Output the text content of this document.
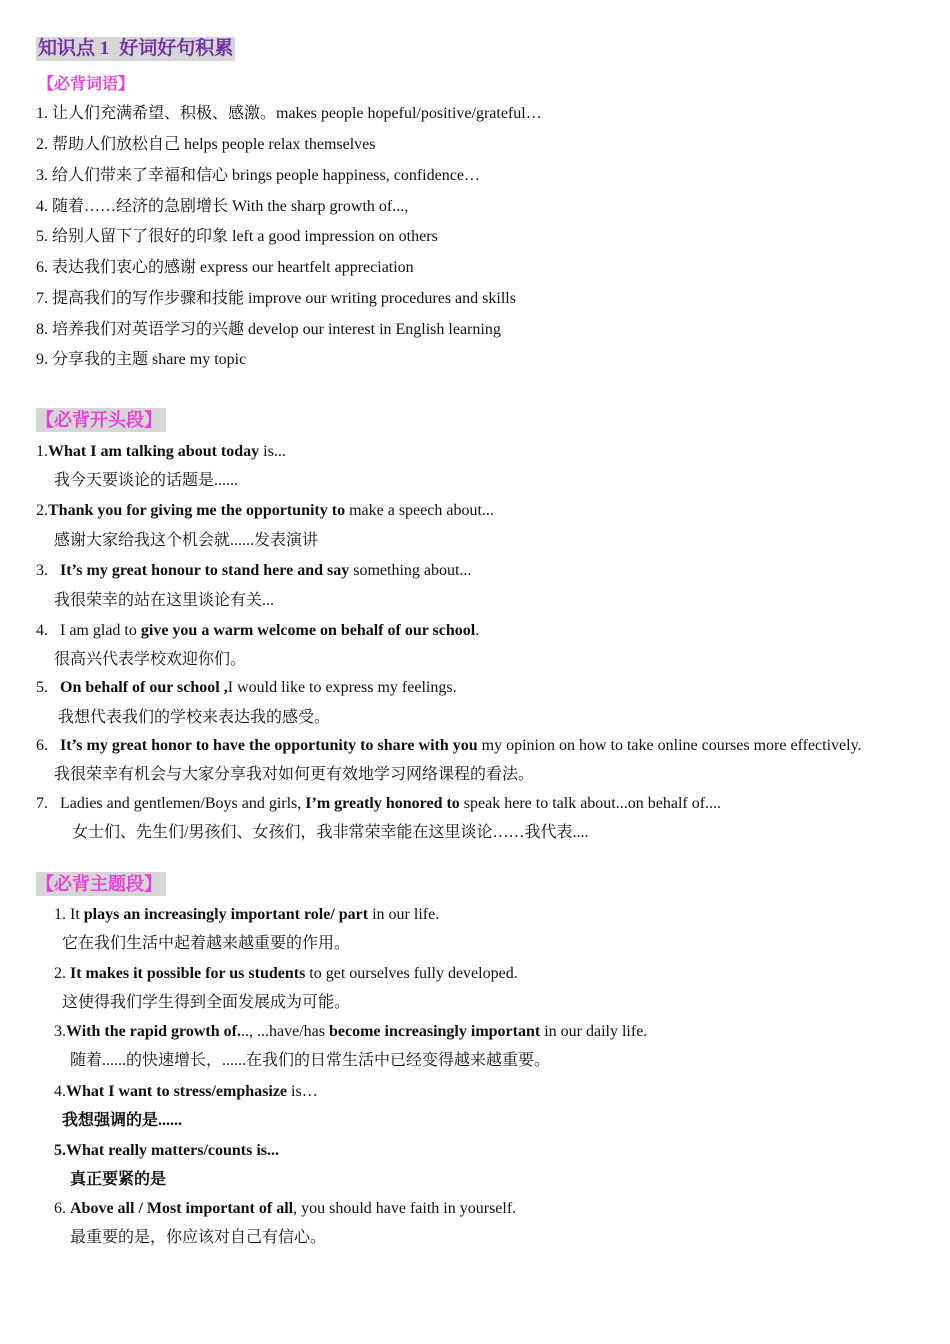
知识点 1 好词好句积累
【必背词语】
1. 让人们充满希望、积极、感激。makes people hopeful/positive/grateful…
2. 帮助人们放松自己 helps people relax themselves
3. 给人们带来了幸福和信心 brings people happiness, confidence…
4. 随着……经济的急剧增长 With the sharp growth of...,
5. 给别人留下了很好的印象 left a good impression on others
6. 表达我们衷心的感谢 express our heartfelt appreciation
7. 提高我们的写作步骤和技能 improve our writing procedures and skills
8. 培养我们对英语学习的兴趣 develop our interest in English learning
9. 分享我的主题 share my topic
【必背开头段】
1.What I am talking about today is...
我今天要谈论的话题是......
2.Thank you for giving me the opportunity to make a speech about...
感谢大家给我这个机会就......发表演讲
3. It’s my great honour to stand here and say something about...
我很荣幸的站在这里谈论有关...
4. I am glad to give you a warm welcome on behalf of our school.
很高兴代表学校欢迎你们。
5. On behalf of our school ,I would like to express my feelings.
我想代表我们的学校来表达我的感受。
6. It’s my great honor to have the opportunity to share with you my opinion on how to take online courses more effectively.
我很荣幸有机会与大家分享我对如何更有效地学习网络课程的看法。
7. Ladies and gentlemen/Boys and girls, I’m greatly honored to speak here to talk about...on behalf of....
女士们、先生们/男孩们、女孩们，我非常荣幸能在这里谈论……我代表....
【必背主题段】
1. It plays an increasingly important role/ part in our life.
它在我们生活中起着越来越重要的作用。
2. It makes it possible for us students to get ourselves fully developed.
这使得我们学生得到全面发展成为可能。
3.With the rapid growth of..., ...have/has become increasingly important in our daily life.
随着......的快速增长，......在我们的日常生活中已经变得越来越重要。
4.What I want to stress/emphasize is…
我想强调的是......
5.What really matters/counts is...
真正要紧的是
6. Above all / Most important of all, you should have faith in yourself.
最重要的是，你应该对自己有信心。
